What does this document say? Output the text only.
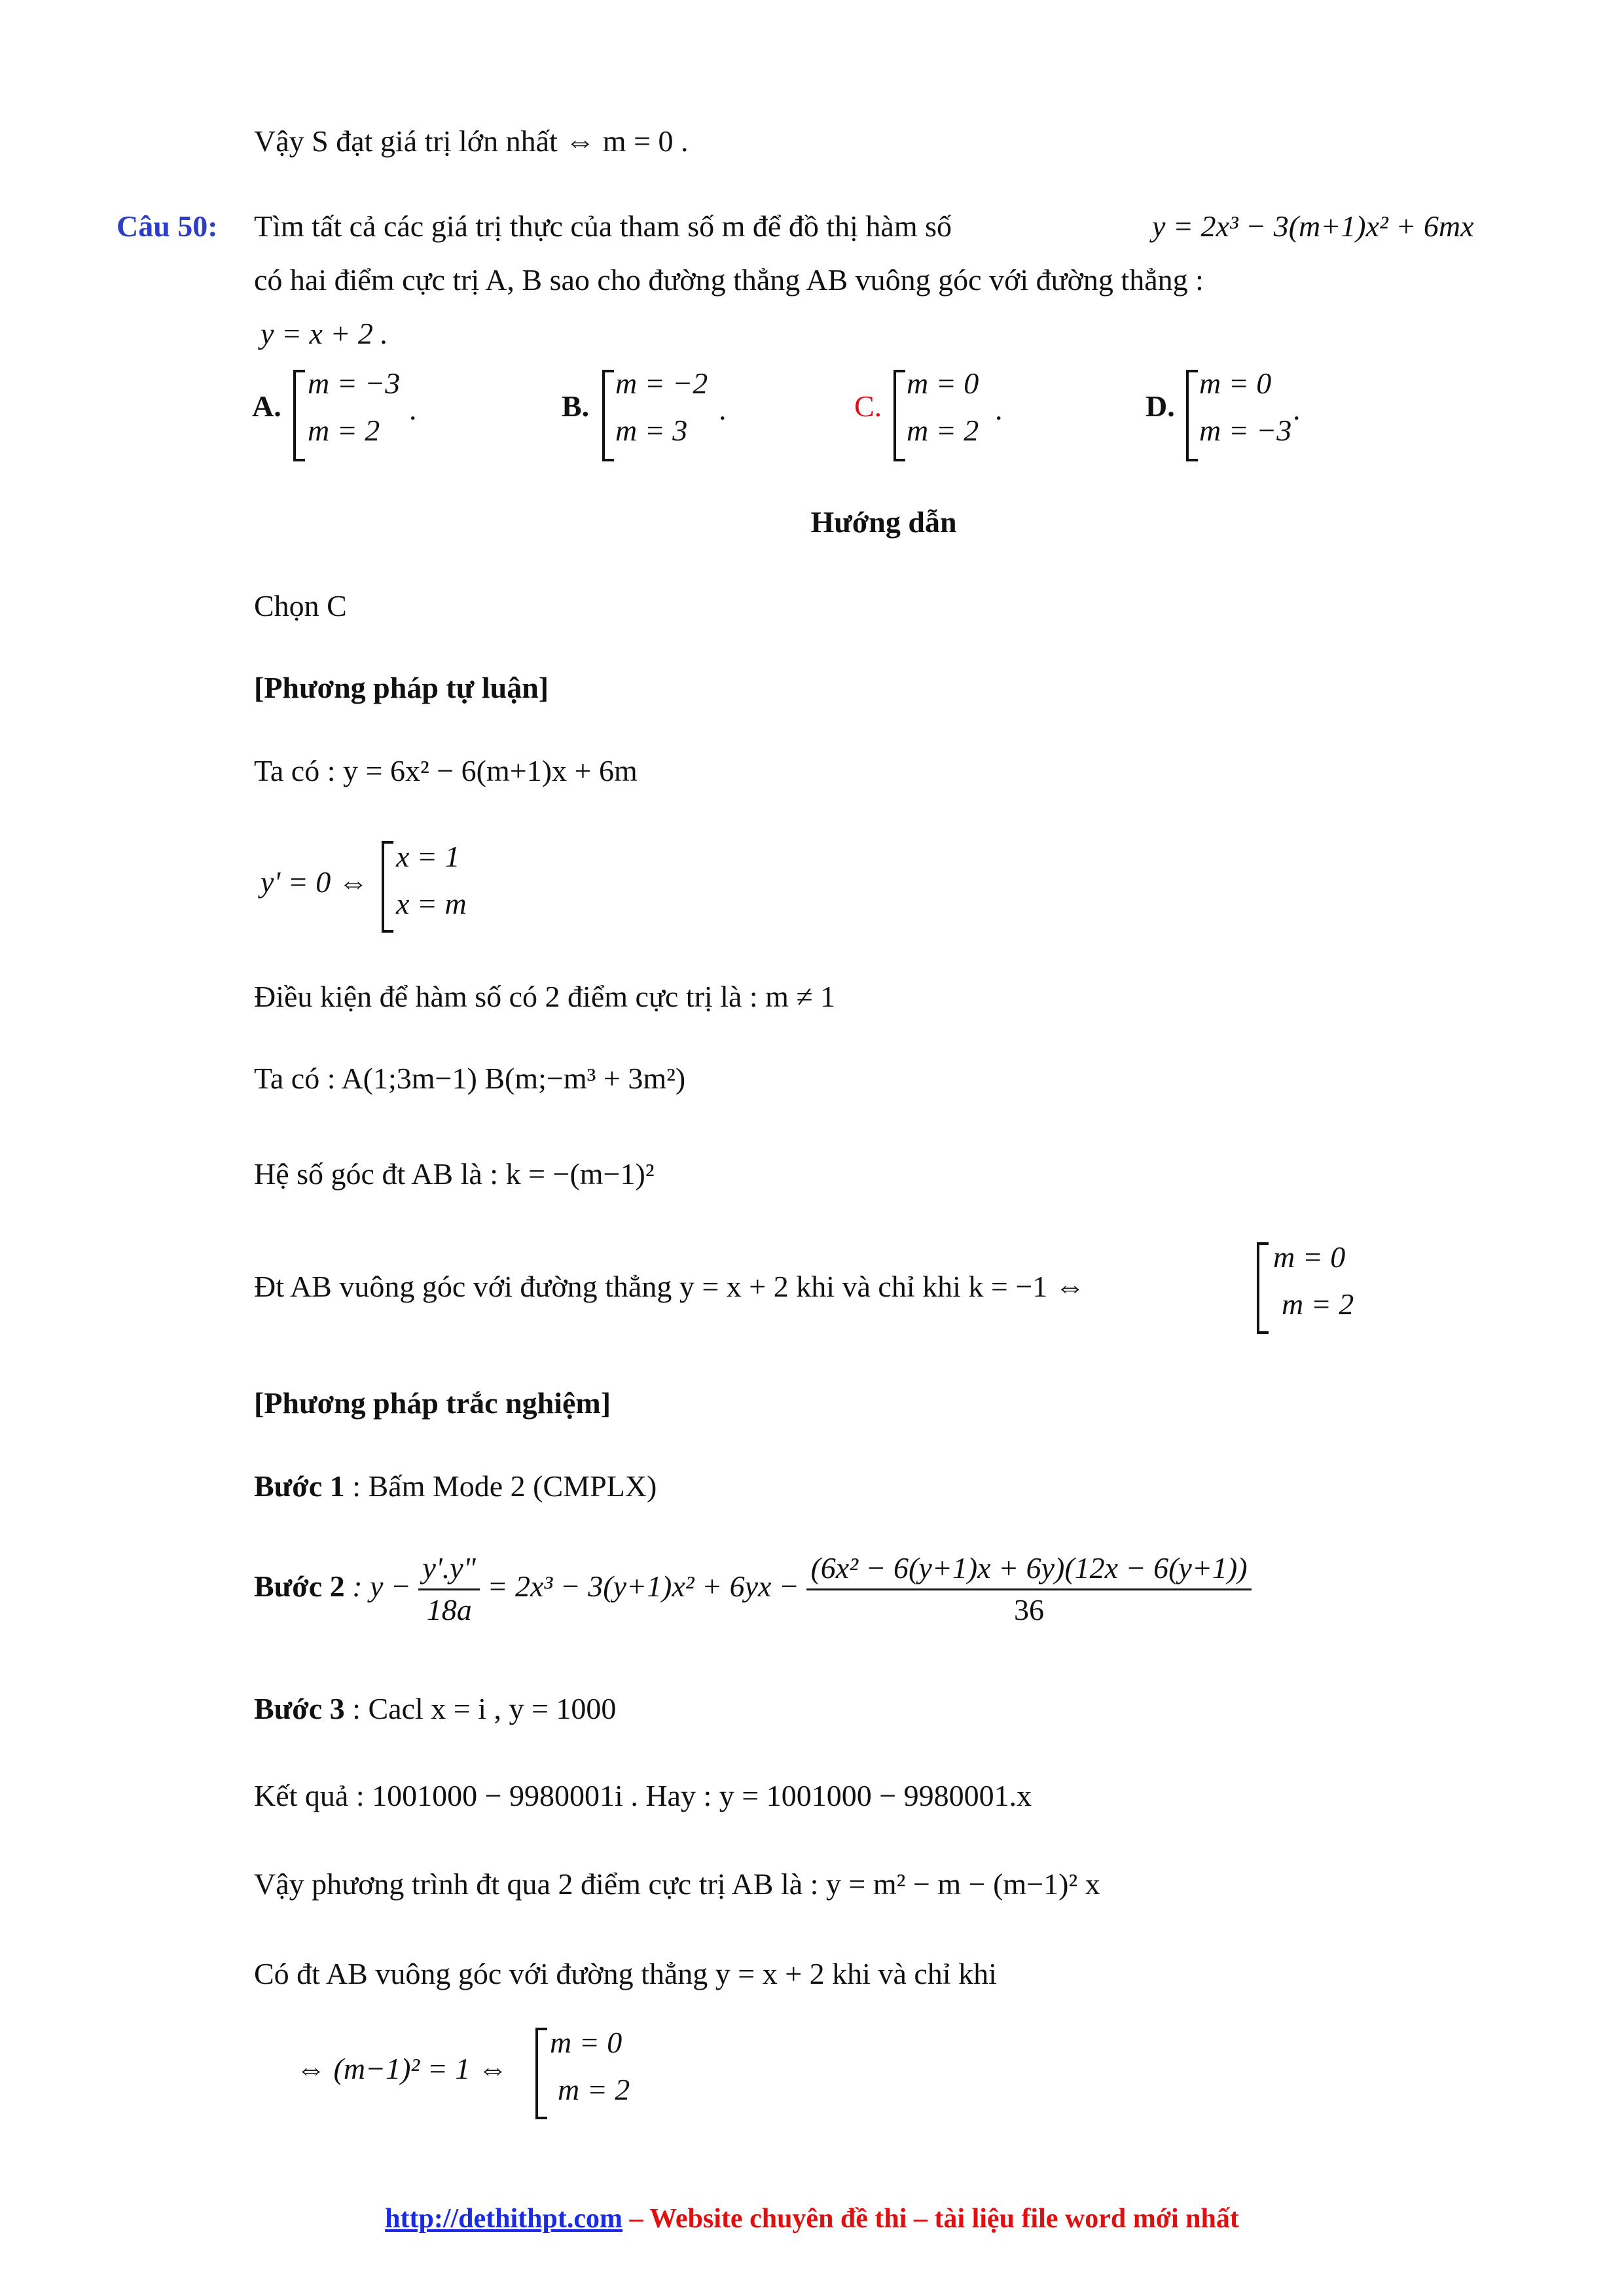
Vậy S đạt giá trị lớn nhất ⇔ m = 0 .
Câu 50: Tìm tất cả các giá trị thực của tham số m để đồ thị hàm số	y = 2x³ − 3(m+1)x² + 6mx
có hai điểm cực trị A, B sao cho đường thẳng AB vuông góc với đường thẳng :
y = x + 2 .
A.
m = −3
m = 2
.	B.
m = −2
m = 3
.	C.
m = 0
m = 2
.	D.
m = 0
m = −3
.
Hướng dẫn
Chọn C
[Phương pháp tự luận]
Ta có : y = 6x² − 6(m+1)x + 6m
y' = 0 ⇔
x = 1
x = m
Điều kiện để hàm số có 2 điểm cực trị là : m ≠ 1
Ta có : A(1;3m−1) B(m;−m³ + 3m²)
Hệ số góc đt AB là : k = −(m−1)²
Đt AB vuông góc với đường thẳng y = x + 2 khi và chỉ khi k = −1 ⇔
m = 0
m = 2
[Phương pháp trắc nghiệm]
Bước 1 : Bấm Mode 2 (CMPLX)
Bước 2 : $y - \frac{y'.y"}{18a} = 2x^3 - 3(y+1)x^2 + 6yx - \frac{\text{(6x² − 6(y+1)x + 6y)(12x − 6(y+1))}}{36}$
Bước 3 : Cacl x = i , y = 1000
Kết quả : 1001000 − 9980001i . Hay : y = 1001000 − 9980001.x
Vậy phương trình đt qua 2 điểm cực trị AB là : y = m² − m − (m−1)² x
Có đt AB vuông góc với đường thẳng y = x + 2 khi và chỉ khi
⇔ (m−1)² = 1 ⇔
m = 0
m = 2
http://dethithpt.com – Website chuyên đề thi – tài liệu file word mới nhất
